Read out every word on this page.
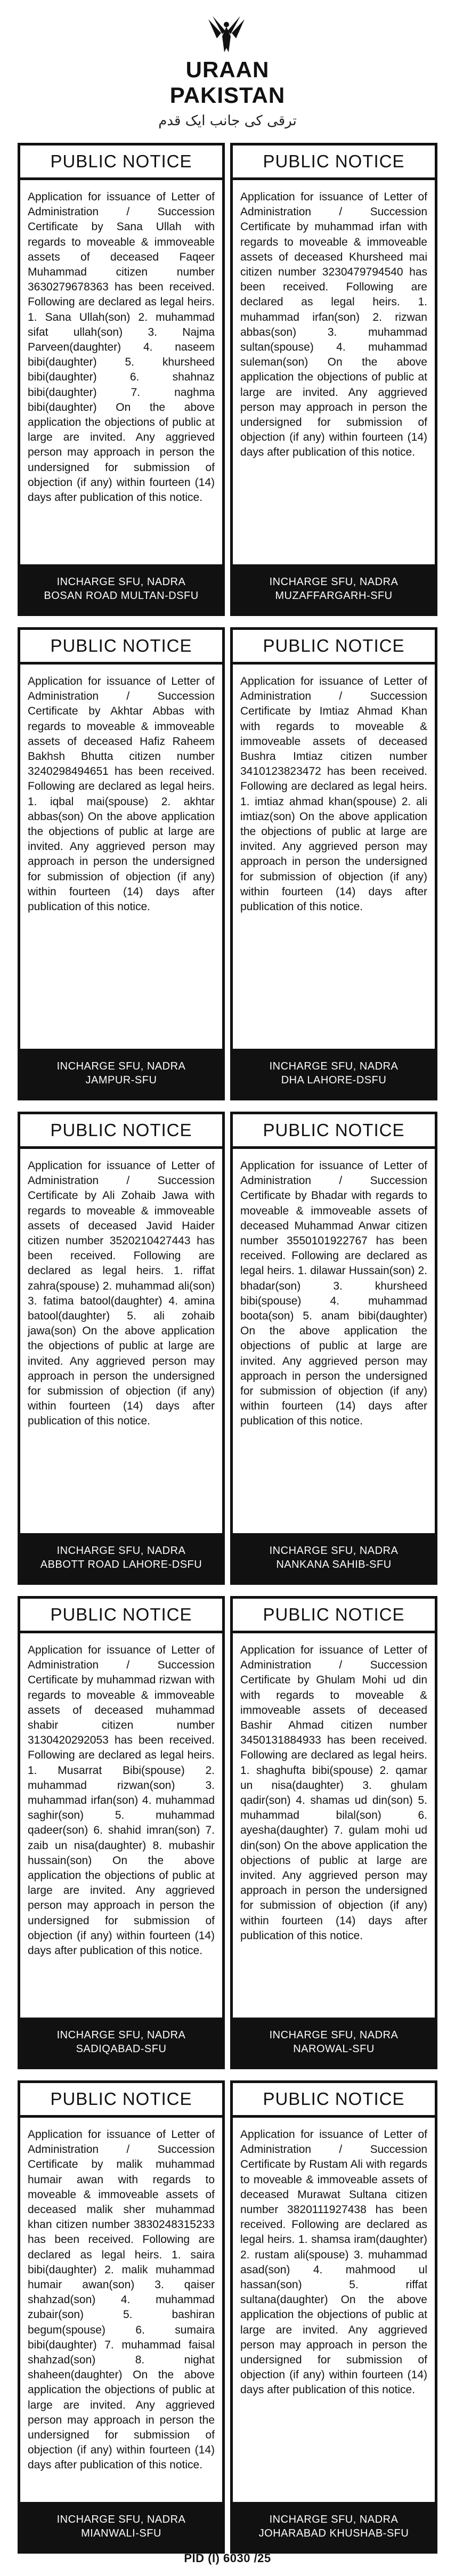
URAAN
PAKISTAN
ترقی کی جانب ایک قدم
PUBLIC NOTICE
Application for issuance of Letter of Administration / Succession Certificate by Sana Ullah with regards to moveable & immoveable assets of deceased Faqeer Muhammad citizen number 3630279678363 has been received. Following are declared as legal heirs. 1. Sana Ullah(son) 2. muhammad sifat ullah(son) 3. Najma Parveen(daughter) 4. naseem bibi(daughter) 5. khursheed bibi(daughter) 6. shahnaz bibi(daughter) 7. naghma bibi(daughter) On the above application the objections of public at large are invited. Any aggrieved person may approach in person the undersigned for submission of objection (if any) within fourteen (14) days after publication of this notice.
INCHARGE SFU, NADRA
BOSAN ROAD MULTAN-DSFU
PUBLIC NOTICE
Application for issuance of Letter of Administration / Succession Certificate by muhammad irfan with regards to moveable & immoveable assets of deceased Khursheed mai citizen number 3230479794540 has been received. Following are declared as legal heirs. 1. muhammad irfan(son) 2. rizwan abbas(son) 3. muhammad sultan(spouse) 4. muhammad suleman(son) On the above application the objections of public at large are invited. Any aggrieved person may approach in person the undersigned for submission of objection (if any) within fourteen (14) days after publication of this notice.
INCHARGE SFU, NADRA
MUZAFFARGARH-SFU
PUBLIC NOTICE
Application for issuance of Letter of Administration / Succession Certificate by Akhtar Abbas with regards to moveable & immoveable assets of deceased Hafiz Raheem Bakhsh Bhutta citizen number 3240298494651 has been received. Following are declared as legal heirs. 1. iqbal mai(spouse) 2. akhtar abbas(son) On the above application the objections of public at large are invited. Any aggrieved person may approach in person the undersigned for submission of objection (if any) within fourteen (14) days after publication of this notice.
INCHARGE SFU, NADRA
JAMPUR-SFU
PUBLIC NOTICE
Application for issuance of Letter of Administration / Succession Certificate by Imtiaz Ahmad Khan with regards to moveable & immoveable assets of deceased Bushra Imtiaz citizen number 3410123823472 has been received. Following are declared as legal heirs. 1. imtiaz ahmad khan(spouse) 2. ali imtiaz(son) On the above application the objections of public at large are invited. Any aggrieved person may approach in person the undersigned for submission of objection (if any) within fourteen (14) days after publication of this notice.
INCHARGE SFU, NADRA
DHA LAHORE-DSFU
PUBLIC NOTICE
Application for issuance of Letter of Administration / Succession Certificate by Ali Zohaib Jawa with regards to moveable & immoveable assets of deceased Javid Haider citizen number 3520210427443 has been received. Following are declared as legal heirs. 1. riffat zahra(spouse) 2. muhammad ali(son) 3. fatima batool(daughter) 4. amina batool(daughter) 5. ali zohaib jawa(son) On the above application the objections of public at large are invited. Any aggrieved person may approach in person the undersigned for submission of objection (if any) within fourteen (14) days after publication of this notice.
INCHARGE SFU, NADRA
ABBOTT ROAD LAHORE-DSFU
PUBLIC NOTICE
Application for issuance of Letter of Administration / Succession Certificate by Bhadar with regards to moveable & immoveable assets of deceased Muhammad Anwar citizen number 3550101922767 has been received. Following are declared as legal heirs. 1. dilawar Hussain(son) 2. bhadar(son) 3. khursheed bibi(spouse) 4. muhammad boota(son) 5. anam bibi(daughter) On the above application the objections of public at large are invited. Any aggrieved person may approach in person the undersigned for submission of objection (if any) within fourteen (14) days after publication of this notice.
INCHARGE SFU, NADRA
NANKANA SAHIB-SFU
PUBLIC NOTICE
Application for issuance of Letter of Administration / Succession Certificate by muhammad rizwan with regards to moveable & immoveable assets of deceased muhammad shabir citizen number 3130420292053 has been received. Following are declared as legal heirs. 1. Musarrat Bibi(spouse) 2. muhammad rizwan(son) 3. muhammad irfan(son) 4. muhammad saghir(son) 5. muhammad qadeer(son) 6. shahid imran(son) 7. zaib un nisa(daughter) 8. mubashir hussain(son) On the above application the objections of public at large are invited. Any aggrieved person may approach in person the undersigned for submission of objection (if any) within fourteen (14) days after publication of this notice.
INCHARGE SFU, NADRA
SADIQABAD-SFU
PUBLIC NOTICE
Application for issuance of Letter of Administration / Succession Certificate by Ghulam Mohi ud din with regards to moveable & immoveable assets of deceased Bashir Ahmad citizen number 3450131884933 has been received. Following are declared as legal heirs. 1. shaghufta bibi(spouse) 2. qamar un nisa(daughter) 3. ghulam qadir(son) 4. shamas ud din(son) 5. muhammad bilal(son) 6. ayesha(daughter) 7. gulam mohi ud din(son) On the above application the objections of public at large are invited. Any aggrieved person may approach in person the undersigned for submission of objection (if any) within fourteen (14) days after publication of this notice.
INCHARGE SFU, NADRA
NAROWAL-SFU
PUBLIC NOTICE
Application for issuance of Letter of Administration / Succession Certificate by malik muhammad humair awan with regards to moveable & immoveable assets of deceased malik sher muhammad khan citizen number 3830248315233 has been received. Following are declared as legal heirs. 1. saira bibi(daughter) 2. malik muhammad humair awan(son) 3. qaiser shahzad(son) 4. muhammad zubair(son) 5. bashiran begum(spouse) 6. sumaira bibi(daughter) 7. muhammad faisal shahzad(son) 8. nighat shaheen(daughter) On the above application the objections of public at large are invited. Any aggrieved person may approach in person the undersigned for submission of objection (if any) within fourteen (14) days after publication of this notice.
INCHARGE SFU, NADRA
MIANWALI-SFU
PUBLIC NOTICE
Application for issuance of Letter of Administration / Succession Certificate by Rustam Ali with regards to moveable & immoveable assets of deceased Murawat Sultana citizen number 3820111927438 has been received. Following are declared as legal heirs. 1. shamsa iram(daughter) 2. rustam ali(spouse) 3. muhammad asad(son) 4. mahmood ul hassan(son) 5. riffat sultana(daughter) On the above application the objections of public at large are invited. Any aggrieved person may approach in person the undersigned for submission of objection (if any) within fourteen (14) days after publication of this notice.
INCHARGE SFU, NADRA
JOHARABAD KHUSHAB-SFU
PID (I) 6030 /25
